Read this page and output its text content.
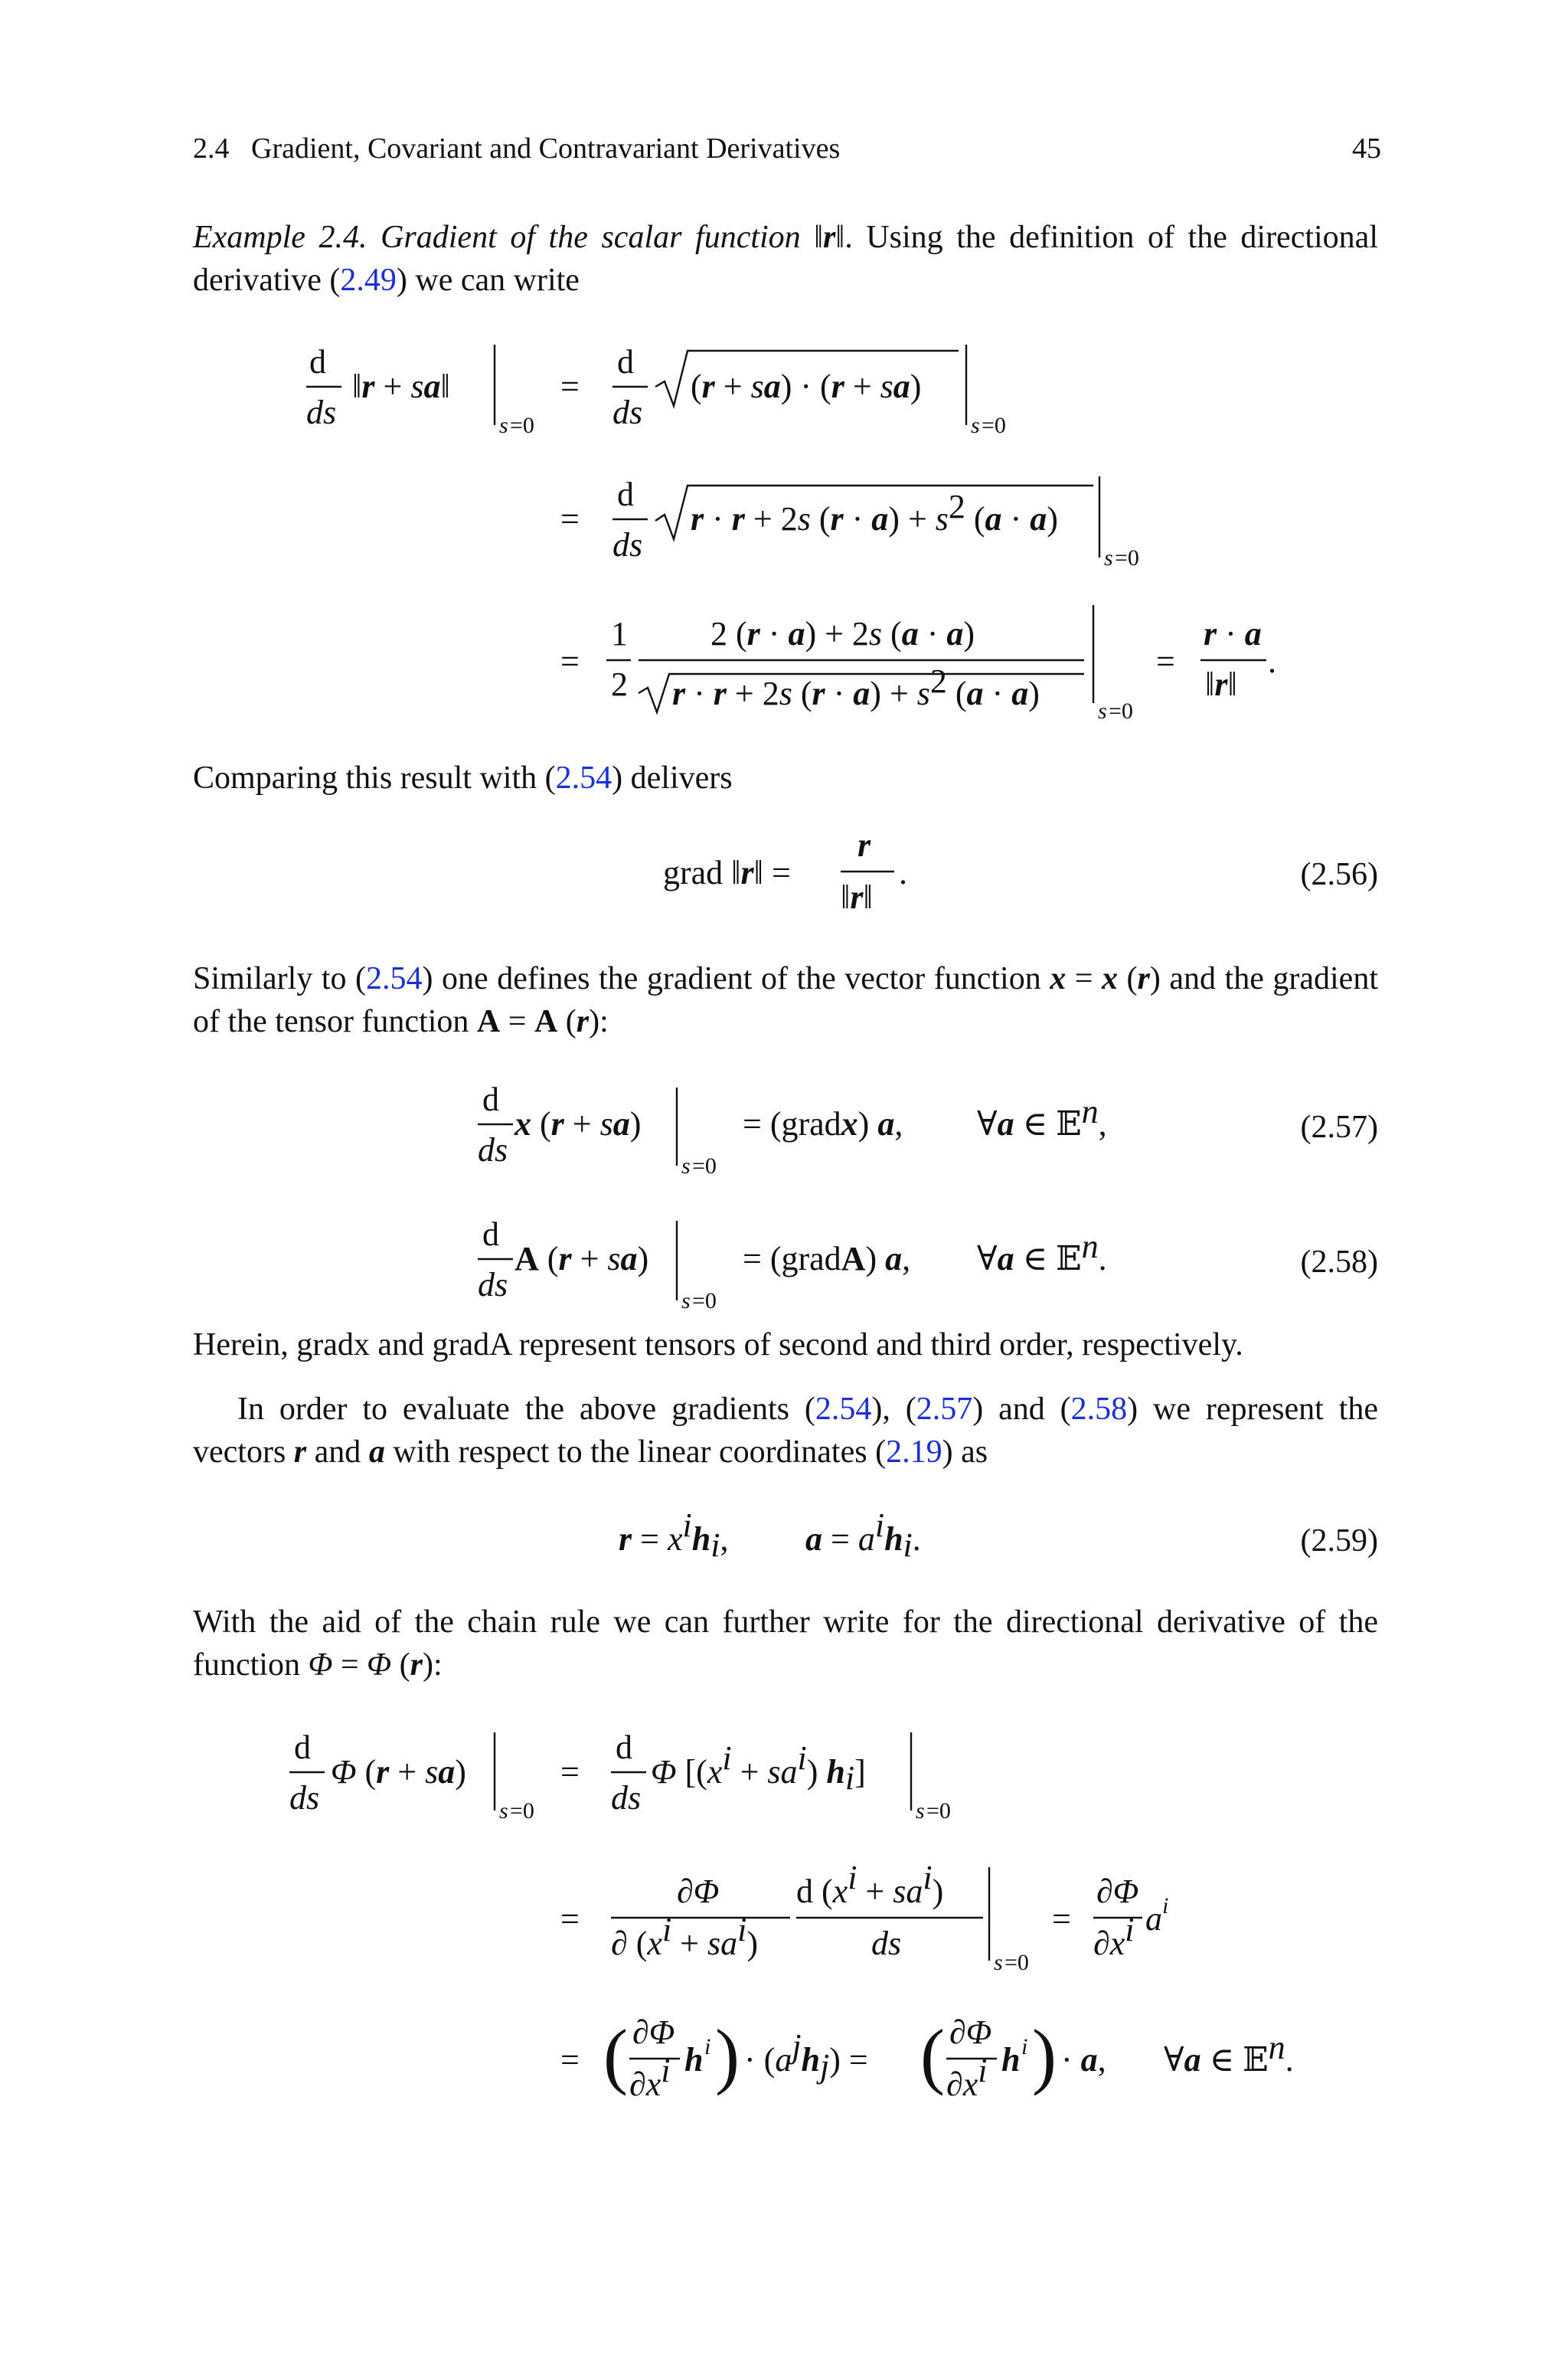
2.4 Gradient, Covariant and Contravariant Derivatives	45

Example 2.4. Gradient of the scalar function ‖r‖. Using the definition of the directional derivative (2.49) we can write

d
ds
‖r + sa‖
s =0
=
d
ds
(r + sa) · (r + sa)
s =0
=
d
ds
r · r + 2s (r · a) + s2 (a · a)
s =0
=
1
2
2 (r · a) + 2s (a · a)
r · r + 2s (r · a) + s2 (a · a)	s =0
=
r · a
‖r‖
.

Comparing this result with (2.54) delivers

grad ‖r‖ =
r
‖r‖
.	(2.56)

Similarly to (2.54) one defines the gradient of the vector function x = x (r) and the gradient of the tensor function A = A (r):

d
ds
x (r + sa)
s =0
= (gradx) a, ∀a ∈ 𝔼n,
d
ds
A (r + sa)
s =0
= (gradA) a, ∀a ∈ 𝔼n.
(2.57)
(2.58)

Herein, gradx and gradA represent tensors of second and third order, respectively.

In order to evaluate the above gradients (2.54), (2.57) and (2.58) we represent the vectors r and a with respect to the linear coordinates (2.19) as

r = xihi, a = aihi.	(2.59)

With the aid of the chain rule we can further write for the directional derivative of the function Φ = Φ (r):

d
ds
Φ (r + sa)
s =0
=
d
ds
Φ [(xi + sai) hi]
s =0
=
∂Φ
∂ (xi + sai)
d (xi + sai)
ds
s =0
=
∂Φ
∂xi a i
= ( ∂Φ
∂xi h i ) · (ajhj) = ( ∂Φ
∂xi h i ) · a, ∀a ∈ 𝔼n.
